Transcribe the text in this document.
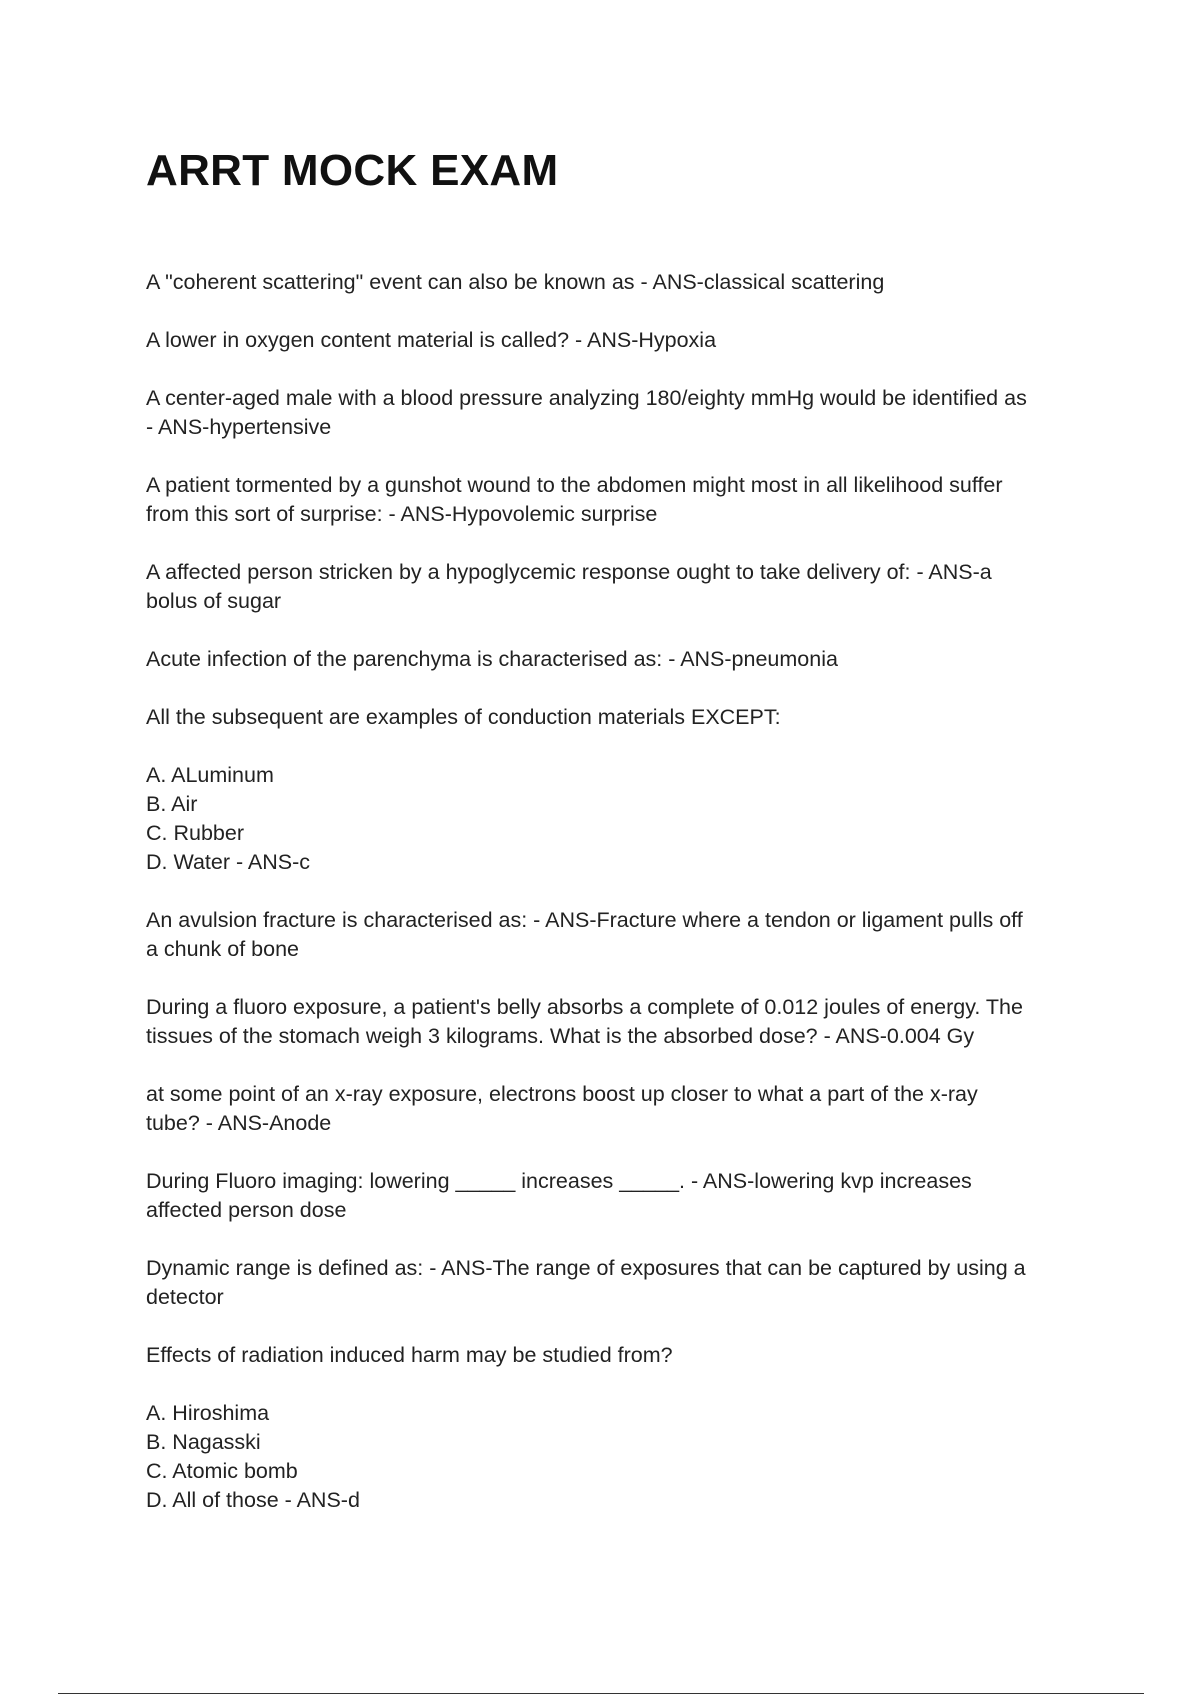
ARRT MOCK EXAM

A "coherent scattering" event can also be known as - ANS-classical scattering

A lower in oxygen content material is called? - ANS-Hypoxia

A center-aged male with a blood pressure analyzing 180/eighty mmHg would be identified as
- ANS-hypertensive

A patient tormented by a gunshot wound to the abdomen might most in all likelihood suffer
from this sort of surprise: - ANS-Hypovolemic surprise

A affected person stricken by a hypoglycemic response ought to take delivery of: - ANS-a
bolus of sugar

Acute infection of the parenchyma is characterised as: - ANS-pneumonia

All the subsequent are examples of conduction materials EXCEPT:

A. ALuminum
B. Air
C. Rubber
D. Water - ANS-c

An avulsion fracture is characterised as: - ANS-Fracture where a tendon or ligament pulls off
a chunk of bone

During a fluoro exposure, a patient's belly absorbs a complete of 0.012 joules of energy. The
tissues of the stomach weigh 3 kilograms. What is the absorbed dose? - ANS-0.004 Gy

at some point of an x-ray exposure, electrons boost up closer to what a part of the x-ray
tube? - ANS-Anode

During Fluoro imaging: lowering _____ increases _____. - ANS-lowering kvp increases
affected person dose

Dynamic range is defined as: - ANS-The range of exposures that can be captured by using a
detector

Effects of radiation induced harm may be studied from?

A. Hiroshima
B. Nagasski
C. Atomic bomb
D. All of those - ANS-d
